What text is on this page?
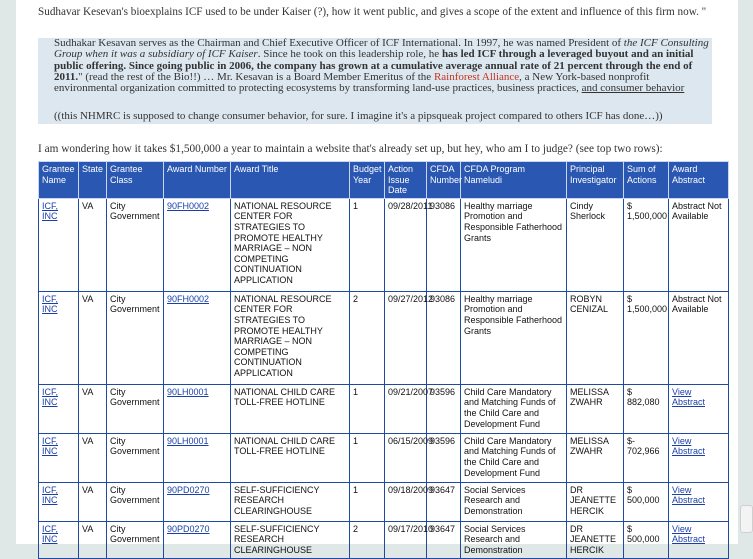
Sudhavar Kesevan's bioexplains ICF used to be under Kaiser (?), how it went public, and gives a scope of the extent and influence of this firm now. "
Sudhakar Kesavan serves as the Chairman and Chief Executive Officer of ICF International. In 1997, he was named President of the ICF Consulting Group when it was a subsidiary of ICF Kaiser. Since he took on this leadership role, he has led ICF through a leveraged buyout and an initial public offering. Since going public in 2006, the company has grown at a cumulative average annual rate of 21 percent through the end of 2011." (read the rest of the Bio!!) … Mr. Kesavan is a Board Member Emeritus of the Rainforest Alliance, a New York-based nonprofit environmental organization committed to protecting ecosystems by transforming land-use practices, business practices, and consumer behavior
((this NHMRC is supposed to change consumer behavior, for sure. I imagine it's a pipsqueak project compared to others ICF has done…))
I am wondering how it takes $1,500,000 a year to maintain a website that's already set up, but hey, who am I to judge? (see top two rows):
Grantee Name	State	Grantee Class	Award Number	Award Title	Budget Year	Action Issue Date	CFDA Number	CFDA Program Nameludi	Principal Investigator	Sum of Actions	Award Abstract
ICF, INC	VA	City Government	90FH0002	NATIONAL RESOURCE CENTER FOR STRATEGIES TO PROMOTE HEALTHY MARRIAGE – NON COMPETING CONTINUATION APPLICATION	1	09/28/2011	93086	Healthy marriage Promotion and Responsible Fatherhood Grants	Cindy Sherlock	$ 1,500,000	Abstract Not Available
ICF, INC	VA	City Government	90FH0002	NATIONAL RESOURCE CENTER FOR STRATEGIES TO PROMOTE HEALTHY MARRIAGE – NON COMPETING CONTINUATION APPLICATION	2	09/27/2012	93086	Healthy marriage Promotion and Responsible Fatherhood Grants	ROBYN CENIZAL	$ 1,500,000	Abstract Not Available
ICF, INC	VA	City Government	90LH0001	NATIONAL CHILD CARE TOLL-FREE HOTLINE	1	09/21/2007	93596	Child Care Mandatory and Matching Funds of the Child Care and Development Fund	MELISSA ZWAHR	$ 882,080	View Abstract
ICF, INC	VA	City Government	90LH0001	NATIONAL CHILD CARE TOLL-FREE HOTLINE	1	06/15/2009	93596	Child Care Mandatory and Matching Funds of the Child Care and Development Fund	MELISSA ZWAHR	$- 702,966	View Abstract
ICF, INC	VA	City Government	90PD0270	SELF-SUFFICIENCY RESEARCH CLEARINGHOUSE	1	09/18/2009	93647	Social Services Research and Demonstration	DR JEANETTE HERCIK	$ 500,000	View Abstract
ICF, INC	VA	City Government	90PD0270	SELF-SUFFICIENCY RESEARCH CLEARINGHOUSE	2	09/17/2010	93647	Social Services Research and Demonstration	DR JEANETTE HERCIK	$ 500,000	View Abstract
